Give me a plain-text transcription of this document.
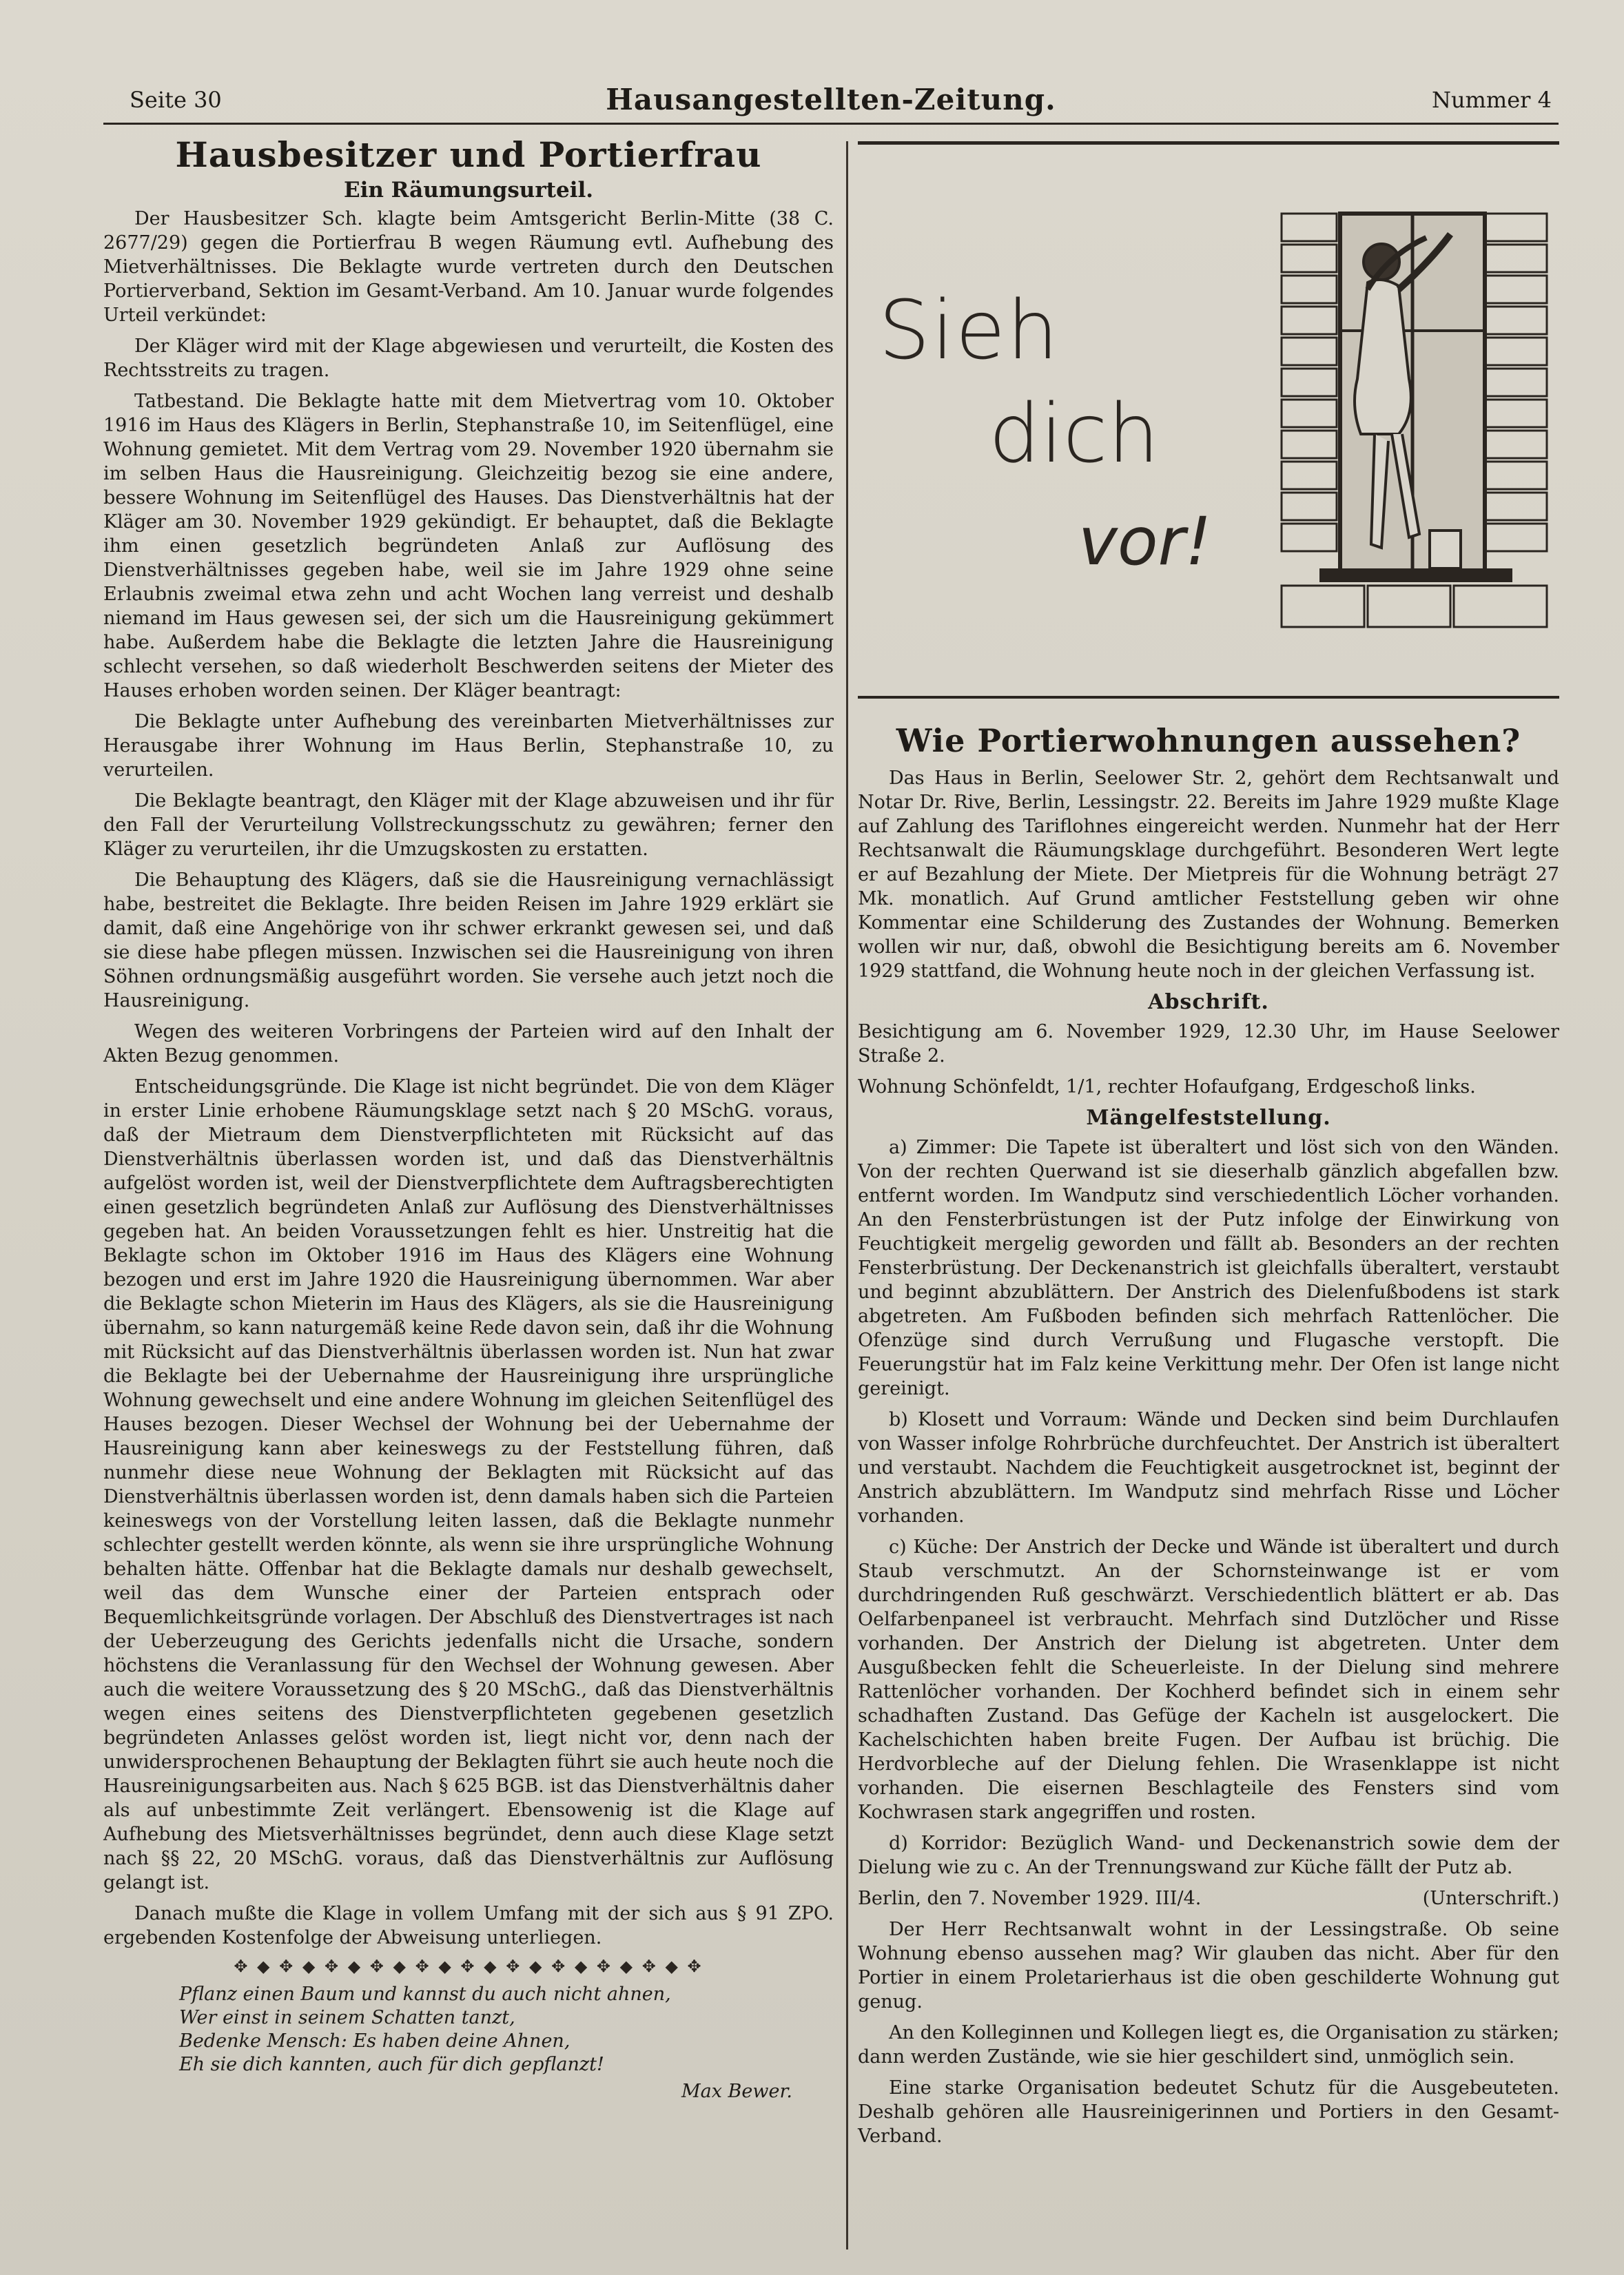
Seite 30	Hausangestellten-Zeitung.	Nummer 4
Hausbesitzer und Portierfrau
Ein Räumungsurteil.

Der Hausbesitzer Sch. klagte beim Amtsgericht Berlin-Mitte (38 C. 2677/29) gegen die Portierfrau B wegen Räumung evtl. Aufhebung des Mietverhältnisses. Die Beklagte wurde vertreten durch den Deutschen Portierverband, Sektion im Gesamt-Verband. Am 10. Januar wurde folgendes Urteil verkündet:

Der Kläger wird mit der Klage abgewiesen und verurteilt, die Kosten des Rechtsstreits zu tragen.

Tatbestand. Die Beklagte hatte mit dem Mietvertrag vom 10. Oktober 1916 im Haus des Klägers in Berlin, Stephanstraße 10, im Seitenflügel, eine Wohnung gemietet. Mit dem Vertrag vom 29. November 1920 übernahm sie im selben Haus die Hausreinigung. Gleichzeitig bezog sie eine andere, bessere Wohnung im Seitenflügel des Hauses. Das Dienstverhältnis hat der Kläger am 30. November 1929 gekündigt. Er behauptet, daß die Beklagte ihm einen gesetzlich begründeten Anlaß zur Auflösung des Dienstverhältnisses gegeben habe, weil sie im Jahre 1929 ohne seine Erlaubnis zweimal etwa zehn und acht Wochen lang verreist und deshalb niemand im Haus gewesen sei, der sich um die Hausreinigung gekümmert habe. Außerdem habe die Beklagte die letzten Jahre die Hausreinigung schlecht versehen, so daß wiederholt Beschwerden seitens der Mieter des Hauses erhoben worden seinen. Der Kläger beantragt:

Die Beklagte unter Aufhebung des vereinbarten Mietverhältnisses zur Herausgabe ihrer Wohnung im Haus Berlin, Stephanstraße 10, zu verurteilen.

Die Beklagte beantragt, den Kläger mit der Klage abzuweisen und ihr für den Fall der Verurteilung Vollstreckungsschutz zu gewähren; ferner den Kläger zu verurteilen, ihr die Umzugskosten zu erstatten.

Die Behauptung des Klägers, daß sie die Hausreinigung vernachlässigt habe, bestreitet die Beklagte. Ihre beiden Reisen im Jahre 1929 erklärt sie damit, daß eine Angehörige von ihr schwer erkrankt gewesen sei, und daß sie diese habe pflegen müssen. Inzwischen sei die Hausreinigung von ihren Söhnen ordnungsmäßig ausgeführt worden. Sie versehe auch jetzt noch die Hausreinigung.

Wegen des weiteren Vorbringens der Parteien wird auf den Inhalt der Akten Bezug genommen.

Entscheidungsgründe. Die Klage ist nicht begründet. Die von dem Kläger in erster Linie erhobene Räumungsklage setzt nach § 20 MSchG. voraus, daß der Mietraum dem Dienstverpflichteten mit Rücksicht auf das Dienstverhältnis überlassen worden ist, und daß das Dienstverhältnis aufgelöst worden ist, weil der Dienstverpflichtete dem Auftragsberechtigten einen gesetzlich begründeten Anlaß zur Auflösung des Dienstverhältnisses gegeben hat. An beiden Voraussetzungen fehlt es hier. Unstreitig hat die Beklagte schon im Oktober 1916 im Haus des Klägers eine Wohnung bezogen und erst im Jahre 1920 die Hausreinigung übernommen. War aber die Beklagte schon Mieterin im Haus des Klägers, als sie die Hausreinigung übernahm, so kann naturgemäß keine Rede davon sein, daß ihr die Wohnung mit Rücksicht auf das Dienstverhältnis überlassen worden ist. Nun hat zwar die Beklagte bei der Uebernahme der Hausreinigung ihre ursprüngliche Wohnung gewechselt und eine andere Wohnung im gleichen Seitenflügel des Hauses bezogen. Dieser Wechsel der Wohnung bei der Uebernahme der Hausreinigung kann aber keineswegs zu der Feststellung führen, daß nunmehr diese neue Wohnung der Beklagten mit Rücksicht auf das Dienstverhältnis überlassen worden ist, denn damals haben sich die Parteien keineswegs von der Vorstellung leiten lassen, daß die Beklagte nunmehr schlechter gestellt werden könnte, als wenn sie ihre ursprüngliche Wohnung behalten hätte. Offenbar hat die Beklagte damals nur deshalb gewechselt, weil das dem Wunsche einer der Parteien entsprach oder Bequemlichkeitsgründe vorlagen. Der Abschluß des Dienstvertrages ist nach der Ueberzeugung des Gerichts jedenfalls nicht die Ursache, sondern höchstens die Veranlassung für den Wechsel der Wohnung gewesen. Aber auch die weitere Voraussetzung des § 20 MSchG., daß das Dienstverhältnis wegen eines seitens des Dienstverpflichteten gegebenen gesetzlich begründeten Anlasses gelöst worden ist, liegt nicht vor, denn nach der unwidersprochenen Behauptung der Beklagten führt sie auch heute noch die Hausreinigungsarbeiten aus. Nach § 625 BGB. ist das Dienstverhältnis daher als auf unbestimmte Zeit verlängert. Ebensowenig ist die Klage auf Aufhebung des Mietsverhältnisses begründet, denn auch diese Klage setzt nach §§ 22, 20 MSchG. voraus, daß das Dienstverhältnis zur Auflösung gelangt ist.

Danach mußte die Klage in vollem Umfang mit der sich aus § 91 ZPO. ergebenden Kostenfolge der Abweisung unterliegen.

✥ ◆ ✥ ◆ ✥ ◆ ✥ ◆ ✥ ◆ ✥ ◆ ✥ ◆ ✥ ◆ ✥ ◆ ✥ ◆ ✥
Pflanz einen Baum und kannst du auch nicht ahnen,
Wer einst in seinem Schatten tanzt,
Bedenke Mensch: Es haben deine Ahnen,
Eh sie dich kannten, auch für dich gepflanzt!
Max Bewer.
Sieh
dich
vor!
Wie Portierwohnungen aussehen?

Das Haus in Berlin, Seelower Str. 2, gehört dem Rechtsanwalt und Notar Dr. Rive, Berlin, Lessingstr. 22. Bereits im Jahre 1929 mußte Klage auf Zahlung des Tariflohnes eingereicht werden. Nunmehr hat der Herr Rechtsanwalt die Räumungsklage durchgeführt. Besonderen Wert legte er auf Bezahlung der Miete. Der Mietpreis für die Wohnung beträgt 27 Mk. monatlich. Auf Grund amtlicher Feststellung geben wir ohne Kommentar eine Schilderung des Zustandes der Wohnung. Bemerken wollen wir nur, daß, obwohl die Besichtigung bereits am 6. November 1929 stattfand, die Wohnung heute noch in der gleichen Verfassung ist.

Abschrift.

Besichtigung am 6. November 1929, 12.30 Uhr, im Hause Seelower Straße 2.

Wohnung Schönfeldt, 1/1, rechter Hofaufgang, Erdgeschoß links.

Mängelfeststellung.

a) Zimmer: Die Tapete ist überaltert und löst sich von den Wänden. Von der rechten Querwand ist sie dieserhalb gänzlich abgefallen bzw. entfernt worden. Im Wandputz sind verschiedentlich Löcher vorhanden. An den Fensterbrüstungen ist der Putz infolge der Einwirkung von Feuchtigkeit mergelig geworden und fällt ab. Besonders an der rechten Fensterbrüstung. Der Deckenanstrich ist gleichfalls überaltert, verstaubt und beginnt abzublättern. Der Anstrich des Dielenfußbodens ist stark abgetreten. Am Fußboden befinden sich mehrfach Rattenlöcher. Die Ofenzüge sind durch Verrußung und Flugasche verstopft. Die Feuerungstür hat im Falz keine Verkittung mehr. Der Ofen ist lange nicht gereinigt.

b) Klosett und Vorraum: Wände und Decken sind beim Durchlaufen von Wasser infolge Rohrbrüche durchfeuchtet. Der Anstrich ist überaltert und verstaubt. Nachdem die Feuchtigkeit ausgetrocknet ist, beginnt der Anstrich abzublättern. Im Wandputz sind mehrfach Risse und Löcher vorhanden.

c) Küche: Der Anstrich der Decke und Wände ist überaltert und durch Staub verschmutzt. An der Schornsteinwange ist er vom durchdringenden Ruß geschwärzt. Verschiedentlich blättert er ab. Das Oelfarbenpaneel ist verbraucht. Mehrfach sind Dutzlöcher und Risse vorhanden. Der Anstrich der Dielung ist abgetreten. Unter dem Ausgußbecken fehlt die Scheuerleiste. In der Dielung sind mehrere Rattenlöcher vorhanden. Der Kochherd befindet sich in einem sehr schadhaften Zustand. Das Gefüge der Kacheln ist ausgelockert. Die Kachelschichten haben breite Fugen. Der Aufbau ist brüchig. Die Herdvorbleche auf der Dielung fehlen. Die Wrasenklappe ist nicht vorhanden. Die eisernen Beschlagteile des Fensters sind vom Kochwrasen stark angegriffen und rosten.

d) Korridor: Bezüglich Wand- und Deckenanstrich sowie dem der Dielung wie zu c. An der Trennungswand zur Küche fällt der Putz ab.

Berlin, den 7. November 1929. III/4.	(Unterschrift.)

Der Herr Rechtsanwalt wohnt in der Lessingstraße. Ob seine Wohnung ebenso aussehen mag? Wir glauben das nicht. Aber für den Portier in einem Proletarierhaus ist die oben geschilderte Wohnung gut genug.

An den Kolleginnen und Kollegen liegt es, die Organisation zu stärken; dann werden Zustände, wie sie hier geschildert sind, unmöglich sein.

Eine starke Organisation bedeutet Schutz für die Ausgebeuteten. Deshalb gehören alle Hausreinigerinnen und Portiers in den Gesamt-Verband.
